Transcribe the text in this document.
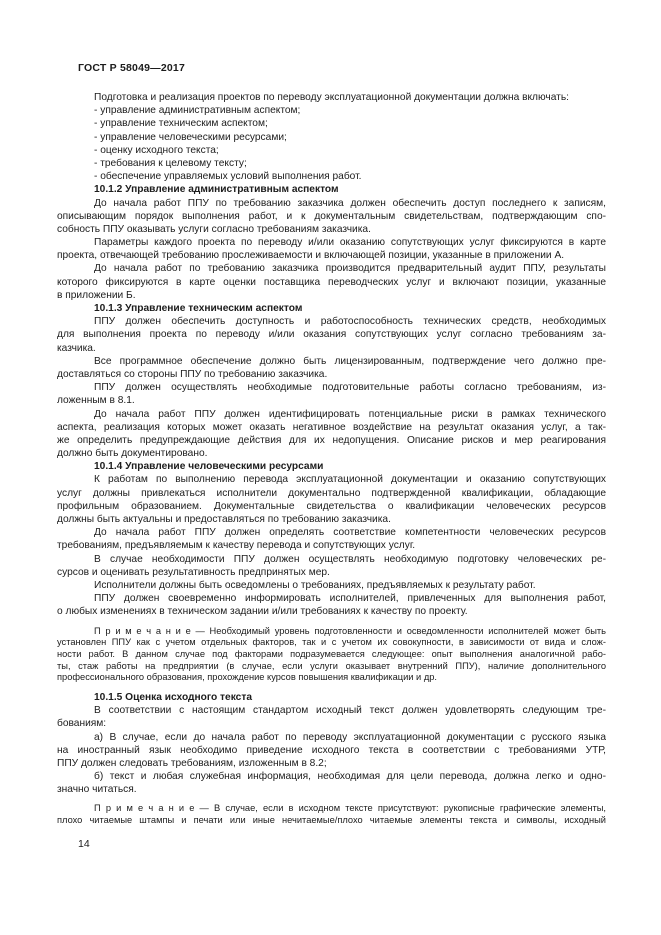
ГОСТ Р 58049—2017
Подготовка и реализация проектов по переводу эксплуатационной документации должна включать:
- управление административным аспектом;
- управление техническим аспектом;
- управление человеческими ресурсами;
- оценку исходного текста;
- требования к целевому тексту;
- обеспечение управляемых условий выполнения работ.
10.1.2 Управление административным аспектом
До начала работ ППУ по требованию заказчика должен обеспечить доступ последнего к записям,
описывающим порядок выполнения работ, и к документальным свидетельствам, подтверждающим спо-
собность ППУ оказывать услуги согласно требованиям заказчика.
Параметры каждого проекта по переводу и/или оказанию сопутствующих услуг фиксируются в карте
проекта, отвечающей требованию прослеживаемости и включающей позиции, указанные в приложении А.
До начала работ по требованию заказчика производится предварительный аудит ППУ, результаты
которого фиксируются в карте оценки поставщика переводческих услуг и включают позиции, указанные
в приложении Б.
10.1.3 Управление техническим аспектом
ППУ должен обеспечить доступность и работоспособность технических средств, необходимых
для выполнения проекта по переводу и/или оказания сопутствующих услуг согласно требованиям за-
казчика.
Все программное обеспечение должно быть лицензированным, подтверждение чего должно пре-
доставляться со стороны ППУ по требованию заказчика.
ППУ должен осуществлять необходимые подготовительные работы согласно требованиям, из-
ложенным в 8.1.
До начала работ ППУ должен идентифицировать потенциальные риски в рамках технического
аспекта, реализация которых может оказать негативное воздействие на результат оказания услуг, а так-
же определить предупреждающие действия для их недопущения. Описание рисков и мер реагирования
должно быть документировано.
10.1.4 Управление человеческими ресурсами
К работам по выполнению перевода эксплуатационной документации и оказанию сопутствующих
услуг должны привлекаться исполнители документально подтвержденной квалификации, обладающие
профильным образованием. Документальные свидетельства о квалификации человеческих ресурсов
должны быть актуальны и предоставляться по требованию заказчика.
До начала работ ППУ должен определять соответствие компетентности человеческих ресурсов
требованиям, предъявляемым к качеству перевода и сопутствующих услуг.
В случае необходимости ППУ должен осуществлять необходимую подготовку человеческих ре-
сурсов и оценивать результативность предпринятых мер.
Исполнители должны быть осведомлены о требованиях, предъявляемых к результату работ.
ППУ должен своевременно информировать исполнителей, привлеченных для выполнения работ,
о любых изменениях в техническом задании и/или требованиях к качеству по проекту.
П р и м е ч а н и е — Необходимый уровень подготовленности и осведомленности исполнителей может быть
установлен ППУ как с учетом отдельных факторов, так и с учетом их совокупности, в зависимости от вида и слож-
ности работ. В данном случае под факторами подразумевается следующее: опыт выполнения аналогичной рабо-
ты, стаж работы на предприятии (в случае, если услуги оказывает внутренний ППУ), наличие дополнительного
профессионального образования, прохождение курсов повышения квалификации и др.
10.1.5 Оценка исходного текста
В соответствии с настоящим стандартом исходный текст должен удовлетворять следующим тре-
бованиям:
а) В случае, если до начала работ по переводу эксплуатационной документации с русского языка
на иностранный язык необходимо приведение исходного текста в соответствии с требованиями УТР,
ППУ должен следовать требованиям, изложенным в 8.2;
б) текст и любая служебная информация, необходимая для цели перевода, должна легко и одно-
значно читаться.
П р и м е ч а н и е — В случае, если в исходном тексте присутствуют: рукописные графические элементы,
плохо читаемые штампы и печати или иные нечитаемые/плохо читаемые элементы текста и символы, исходный
14
